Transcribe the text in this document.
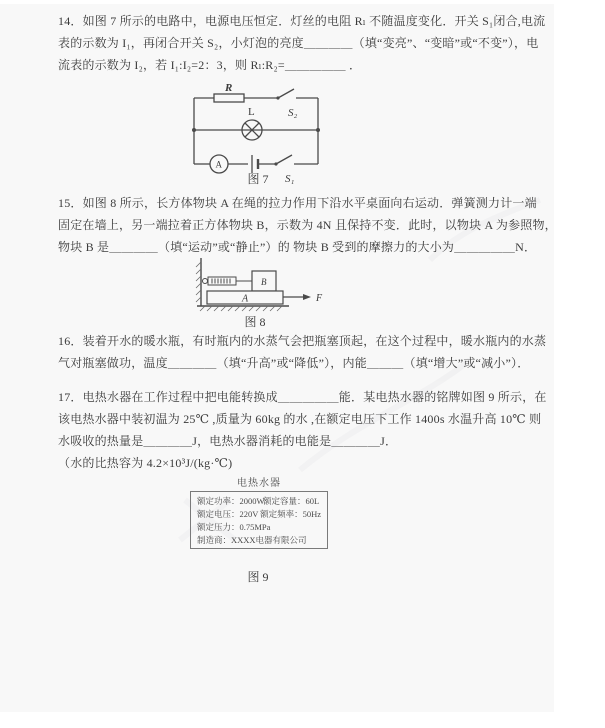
14．如图 7 所示的电路中，电源电压恒定．灯丝的电阻 Rₗ 不随温度变化．开关 S₁闭合,电流
表的示数为 I₁，再闭合开关 S₂，小灯泡的亮度＿＿＿＿（填“变亮”、“变暗”或“不变”），电
流表的示数为 I₂，若 I₁:I₂=2：3，则 Rₗ:R₂=＿＿＿＿＿ ．
R
L	S₂
S₁
A
图 7
15．如图 8 所示，长方体物块 A 在绳的拉力作用下沿水平桌面向右运动．弹簧测力计一端
固定在墙上，另一端拉着正方体物块 B，示数为 4N 且保持不变．此时，以物块 A 为参照物，
物块 B 是＿＿＿＿（填“运动”或“静止”）的 物块 B 受到的摩擦力的大小为＿＿＿＿＿N．
B
A	F
图 8
16．装着开水的暖水瓶，有时瓶内的水蒸气会把瓶塞顶起，在这个过程中，暖水瓶内的水蒸
气对瓶塞做功，温度＿＿＿＿（填“升高”或“降低”），内能＿＿＿（填“增大”或“减小”）．
17．电热水器在工作过程中把电能转换成＿＿＿＿＿能．某电热水器的铭牌如图 9 所示，在
该电热水器中装初温为 25℃ ,质量为 60kg 的水 ,在额定电压下工作 1400s 水温升高 10℃ 则
水吸收的热量是＿＿＿＿J，电热水器消耗的电能是＿＿＿＿J．
（水的比热容为 4.2×10³J/(kg·℃)
电热水器
额定功率：2000W
额定容量：60L
额定电压：220V 额定频率：50Hz
额定压力：0.75MPa
制造商：XXXX电器有限公司
图 9
